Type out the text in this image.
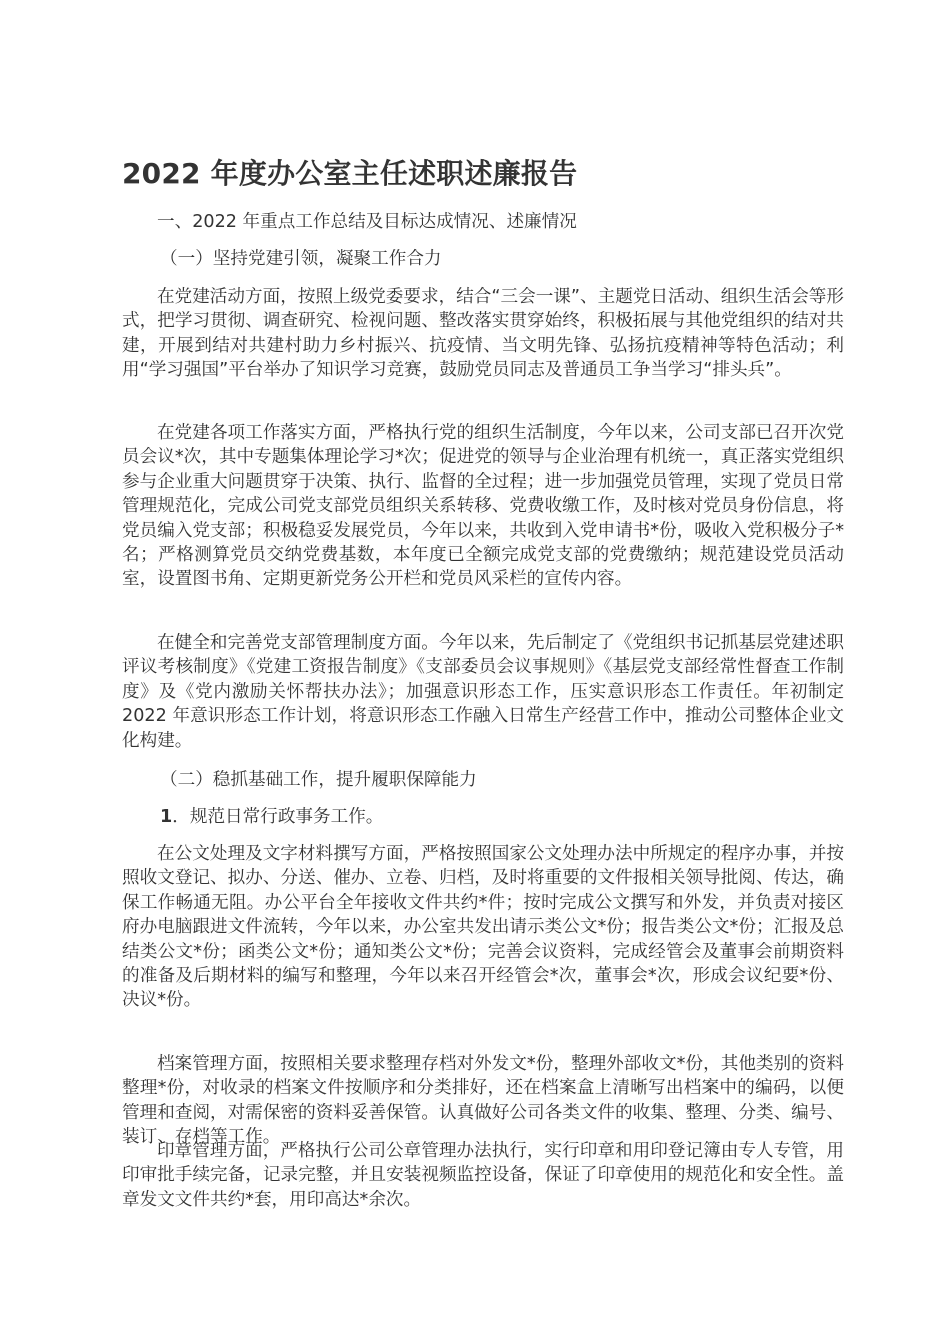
2022 年度办公室主任述职述廉报告

一、2022 年重点工作总结及目标达成情况、述廉情况

（一）坚持党建引领，凝聚工作合力

在党建活动方面，按照上级党委要求，结合“三会一课”、主题党日活动、组织生活会等形式，把学习贯彻、调查研究、检视问题、整改落实贯穿始终，积极拓展与其他党组织的结对共建，开展到结对共建村助力乡村振兴、抗疫情、当文明先锋、弘扬抗疫精神等特色活动；利用“学习强国”平台举办了知识学习竞赛，鼓励党员同志及普通员工争当学习“排头兵”。

在党建各项工作落实方面，严格执行党的组织生活制度，今年以来，公司支部已召开次党员会议*次，其中专题集体理论学习*次；促进党的领导与企业治理有机统一，真正落实党组织参与企业重大问题贯穿于决策、执行、监督的全过程；进一步加强党员管理，实现了党员日常管理规范化，完成公司党支部党员组织关系转移、党费收缴工作，及时核对党员身份信息，将党员编入党支部；积极稳妥发展党员，今年以来，共收到入党申请书*份，吸收入党积极分子*名；严格测算党员交纳党费基数，本年度已全额完成党支部的党费缴纳；规范建设党员活动室，设置图书角、定期更新党务公开栏和党员风采栏的宣传内容。

在健全和完善党支部管理制度方面。今年以来，先后制定了《党组织书记抓基层党建述职评议考核制度》《党建工资报告制度》《支部委员会议事规则》《基层党支部经常性督查工作制度》及《党内激励关怀帮扶办法》；加强意识形态工作，压实意识形态工作责任。年初制定 2022 年意识形态工作计划，将意识形态工作融入日常生产经营工作中，推动公司整体企业文化构建。

（二）稳抓基础工作，提升履职保障能力

1．规范日常行政事务工作。

在公文处理及文字材料撰写方面，严格按照国家公文处理办法中所规定的程序办事，并按照收文登记、拟办、分送、催办、立卷、归档，及时将重要的文件报相关领导批阅、传达，确保工作畅通无阻。办公平台全年接收文件共约*件；按时完成公文撰写和外发，并负责对接区府办电脑跟进文件流转，今年以来，办公室共发出请示类公文*份；报告类公文*份；汇报及总结类公文*份；函类公文*份；通知类公文*份；完善会议资料，完成经管会及董事会前期资料的准备及后期材料的编写和整理，今年以来召开经管会*次，董事会*次，形成会议纪要*份、决议*份。

档案管理方面，按照相关要求整理存档对外发文*份，整理外部收文*份，其他类别的资料整理*份，对收录的档案文件按顺序和分类排好，还在档案盒上清晰写出档案中的编码，以便管理和查阅，对需保密的资料妥善保管。认真做好公司各类文件的收集、整理、分类、编号、装订、存档等工作。

印章管理方面，严格执行公司公章管理办法执行，实行印章和用印登记簿由专人专管，用印审批手续完备，记录完整，并且安装视频监控设备，保证了印章使用的规范化和安全性。盖章发文文件共约*套，用印高达*余次。
